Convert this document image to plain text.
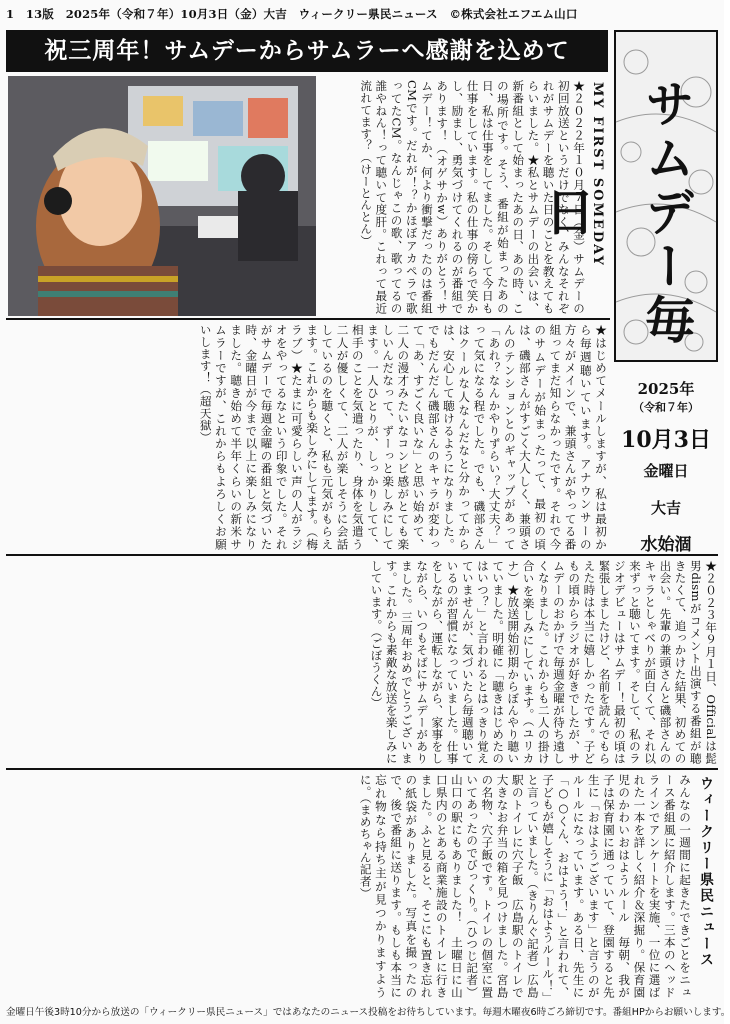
1　13版　2025年（令和７年）10月3日（金）大吉　ウィークリー県民ニュース　©株式会社エフエム山口
祝三周年！サムデーからサムラーへ感謝を込めて
MY FIRST SOMEDAY
★２０２２年１０月７日（金）サムデーの初回放送というだけでなく、みんなそれぞれがサムデーを聴いた日のことを教えてもらいました。★私とサムデーの出会いは、新番組として始まったあの日、あの時、この場所です。そう、番組が始まったあの日、私は仕事をしてました。そして今日も仕事をしています。私の仕事の傍らで笑かし、励まし、勇気づけてくれるのが番組であります！（オゲサかw）ありがとう！サムデー！てか、何より衝撃だったのは番組CMです。だれが！？かほぼアカペラで歌ってたCM。なんじゃこの歌、歌ってるの誰やねん！って聴いて度肝。これって最近流れてます？（けーとんとん）
★はじめてメールしますが、私は最初から毎週聴いています。アナウンサーの方々がメインで、兼頭さんがやってる番組ってまだ知らなかったです。それで今のサムデーが始まったって、最初の頃は、磯部さんがすごく大人しく、兼頭さんのテンションとのギャップがあって「あれ？なんかやりずらい？大丈夫？」って気になる程でした。でも、磯部さんはクールな人なんだなと分かってからは、安心して聴けるようになりました。でもだんだん磯部さんのキャラが変わって「あ、すごく良いな」と思い始めて、二人の漫才みたいなコンビ感がとても楽しいんだなって、ずーっと楽しみにしてます。一人ひとりが、しっかりしてて、相手のことを気遣ったり、身体を気遣う二人が優しくて、二人が楽しそうに会話しているのを聴くと、私も元気がもらえます。これからも楽しみにしてます。（梅ラブ）★たまに可愛らしい声の人がラジオをやってるなという印象でした。それがサムデーで毎週金曜の番組と気づいた時、金曜日が今まで以上に楽しみになりました。聴き始めて半年くらいの新米サムラーですが、これからもよろしくお願いします！（超天獄）
★２０２３年９月１日、Officialは髭男dismがコメント出演する番組が聴きたくて、追っかけた結果、初めての出会い。先輩の兼頭さんと磯部さんのキャラとしゃべりが面白くて、それ以来ずっと聴いてます。そして、私のラジオデビューはサムデー！最初の頃は緊張しましたけど、名前を読んでもらえた時は本当に嬉しかったです。子どもの頃からラジオが好きでしたが、サムデーのおかげで毎週金曜が待ち遠しくなりました。これからも二人の掛け合いを楽しみにしています。（ユリカナ）★放送開始初期からぼんやり聴いていました。明確に「聴きはじめたのはいつ？」と言われるとはっきり覚えていませんが、気づいたら毎週聴いているのが習慣になっていました。仕事をしながら、運転しながら、家事をしながら、いつもそばにサムデーがありました。三周年おめでとうございます。これからも素敵な放送を楽しみにしています。（ごぼうくん）
ウィークリー県民ニュース
みんなの一週間に起きたできごとをニュース番組風に紹介します。三本のヘッドラインでアンケートを実施、一位に選ばれた一本を詳しく紹介＆深掘り。保育園児のかわいおはようルール　毎朝、我が子は保育園に通っていて、登園すると先生に「おはようございます」と言うのがルールになっています。ある日、先生に「○○くん、おはよう！」と言われて、子どもが嬉しそうに「おはようルール！」と言っていました。（きりんぐ記者）広島駅のトイレに穴子飯　広島駅のトイレで大きなお弁当の箱を見つけました。宮島の名物、穴子飯です。トイレの個室に置いてあったのでびっくり。（ひつじ記者）山口の駅にもありました！　土曜日に山口県内のとある商業施設のトイレに行きました。ふと見ると、そこにも置き忘れの紙袋がありました。写真を撮ったので、後で番組に送ります。もしも本当に忘れ物なら持ち主が見つかりますように。（まめちゃん記者）
サムデー毎日
2025年
（令和７年）
10月3日
金曜日
大吉
水始涸
金曜日午後3時10分から放送の「ウィークリー県民ニュース」ではあなたのニュース投稿をお待ちしています。毎週木曜夜6時ごろ締切です。番組HPからお願いします。
